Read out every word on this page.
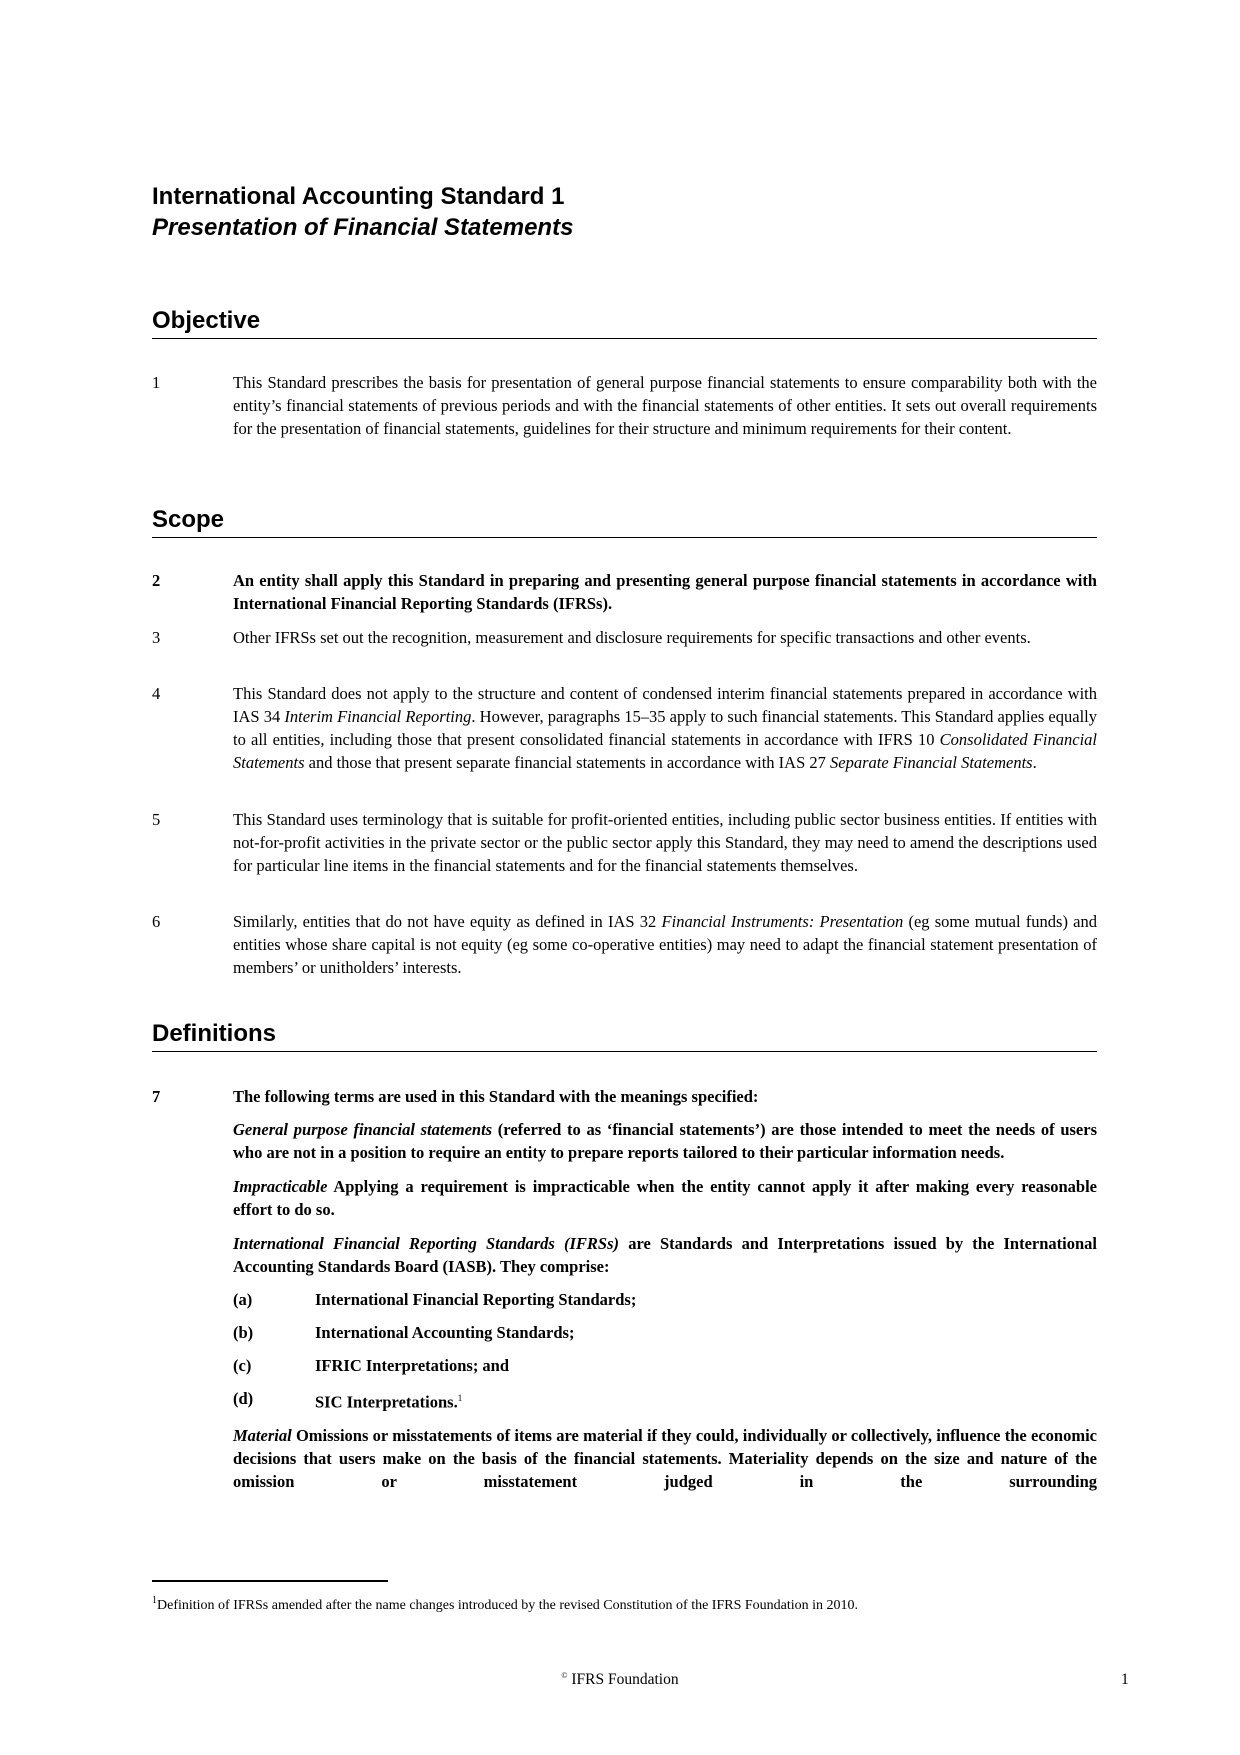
International Accounting Standard 1
Presentation of Financial Statements
Objective
1	This Standard prescribes the basis for presentation of general purpose financial statements to ensure comparability both with the entity’s financial statements of previous periods and with the financial statements of other entities. It sets out overall requirements for the presentation of financial statements, guidelines for their structure and minimum requirements for their content.
Scope
2	An entity shall apply this Standard in preparing and presenting general purpose financial statements in accordance with International Financial Reporting Standards (IFRSs).
3	Other IFRSs set out the recognition, measurement and disclosure requirements for specific transactions and other events.
4	This Standard does not apply to the structure and content of condensed interim financial statements prepared in accordance with IAS 34 Interim Financial Reporting. However, paragraphs 15–35 apply to such financial statements. This Standard applies equally to all entities, including those that present consolidated financial statements in accordance with IFRS 10 Consolidated Financial Statements and those that present separate financial statements in accordance with IAS 27 Separate Financial Statements.
5	This Standard uses terminology that is suitable for profit-oriented entities, including public sector business entities. If entities with not-for-profit activities in the private sector or the public sector apply this Standard, they may need to amend the descriptions used for particular line items in the financial statements and for the financial statements themselves.
6	Similarly, entities that do not have equity as defined in IAS 32 Financial Instruments: Presentation (eg some mutual funds) and entities whose share capital is not equity (eg some co-operative entities) may need to adapt the financial statement presentation of members’ or unitholders’ interests.
Definitions
7	The following terms are used in this Standard with the meanings specified:
General purpose financial statements (referred to as ‘financial statements’) are those intended to meet the needs of users who are not in a position to require an entity to prepare reports tailored to their particular information needs.
Impracticable Applying a requirement is impracticable when the entity cannot apply it after making every reasonable effort to do so.
International Financial Reporting Standards (IFRSs) are Standards and Interpretations issued by the International Accounting Standards Board (IASB). They comprise:
(a)	International Financial Reporting Standards;
(b)	International Accounting Standards;
(c)	IFRIC Interpretations; and
(d)	SIC Interpretations.$^1$
Material Omissions or misstatements of items are material if they could, individually or collectively, influence the economic decisions that users make on the basis of the financial statements. Materiality depends on the size and nature of the omission or misstatement judged in the surrounding
$^1$Definition of IFRSs amended after the name changes introduced by the revised Constitution of the IFRS Foundation in 2010.
© IFRS Foundation	1
